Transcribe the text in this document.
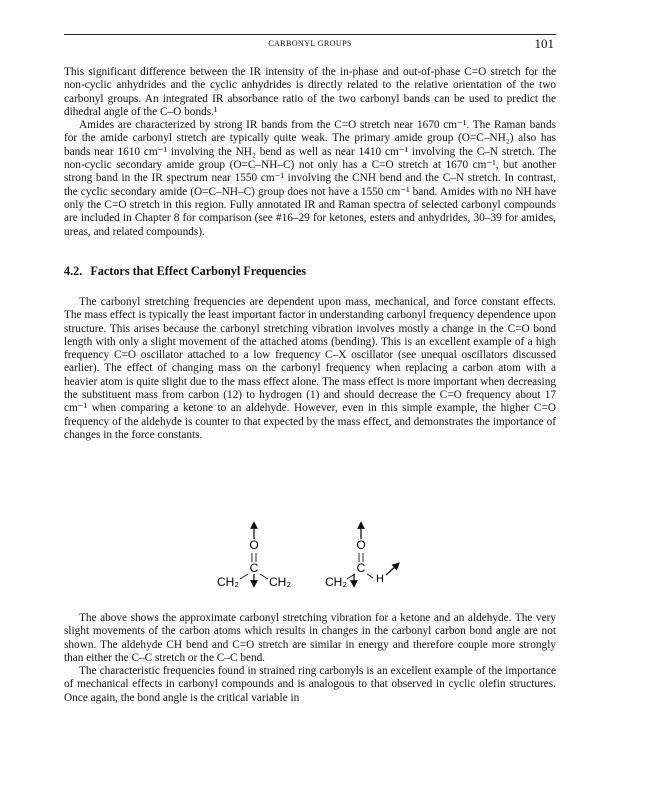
CARBONYL GROUPS	101

This significant difference between the IR intensity of the in-phase and out-of-phase C=O stretch for the non-cyclic anhydrides and the cyclic anhydrides is directly related to the relative orientation of the two carbonyl groups. An integrated IR absorbance ratio of the two carbonyl bands can be used to predict the dihedral angle of the C–O bonds.¹

Amides are characterized by strong IR bands from the C=O stretch near 1670 cm⁻¹. The Raman bands for the amide carbonyl stretch are typically quite weak. The primary amide group (O=C–NH₂) also has bands near 1610 cm⁻¹ involving the NH₂ bend as well as near 1410 cm⁻¹ involving the C–N stretch. The non-cyclic secondary amide group (O=C–NH–C) not only has a C=O stretch at 1670 cm⁻¹, but another strong band in the IR spectrum near 1550 cm⁻¹ involving the CNH bend and the C–N stretch. In contrast, the cyclic secondary amide (O=C–NH–C) group does not have a 1550 cm⁻¹ band. Amides with no NH have only the C=O stretch in this region. Fully annotated IR and Raman spectra of selected carbonyl compounds are included in Chapter 8 for comparison (see #16–29 for ketones, esters and anhydrides, 30–39 for amides, ureas, and related compounds).

4.2. Factors that Effect Carbonyl Frequencies

The carbonyl stretching frequencies are dependent upon mass, mechanical, and force constant effects. The mass effect is typically the least important factor in understanding carbonyl frequency dependence upon structure. This arises because the carbonyl stretching vibration involves mostly a change in the C=O bond length with only a slight movement of the attached atoms (bending). This is an excellent example of a high frequency C=O oscillator attached to a low frequency C–X oscillator (see unequal oscillators discussed earlier). The effect of changing mass on the carbonyl frequency when replacing a carbon atom with a heavier atom is quite slight due to the mass effect alone. The mass effect is more important when decreasing the substituent mass from carbon (12) to hydrogen (1) and should decrease the C=O frequency about 17 cm⁻¹ when comparing a ketone to an aldehyde. However, even in this simple example, the higher C=O frequency of the aldehyde is counter to that expected by the mass effect, and demonstrates the importance of changes in the force constants.

O
C
CH₂	CH₂
O
C
CH₂	H

The above shows the approximate carbonyl stretching vibration for a ketone and an aldehyde. The very slight movements of the carbon atoms which results in changes in the carbonyl carbon bond angle are not shown. The aldehyde CH bend and C=O stretch are similar in energy and therefore couple more strongly than either the C–C stretch or the C–C bend.

The characteristic frequencies found in strained ring carbonyls is an excellent example of the importance of mechanical effects in carbonyl compounds and is analogous to that observed in cyclic olefin structures. Once again, the bond angle is the critical variable in
